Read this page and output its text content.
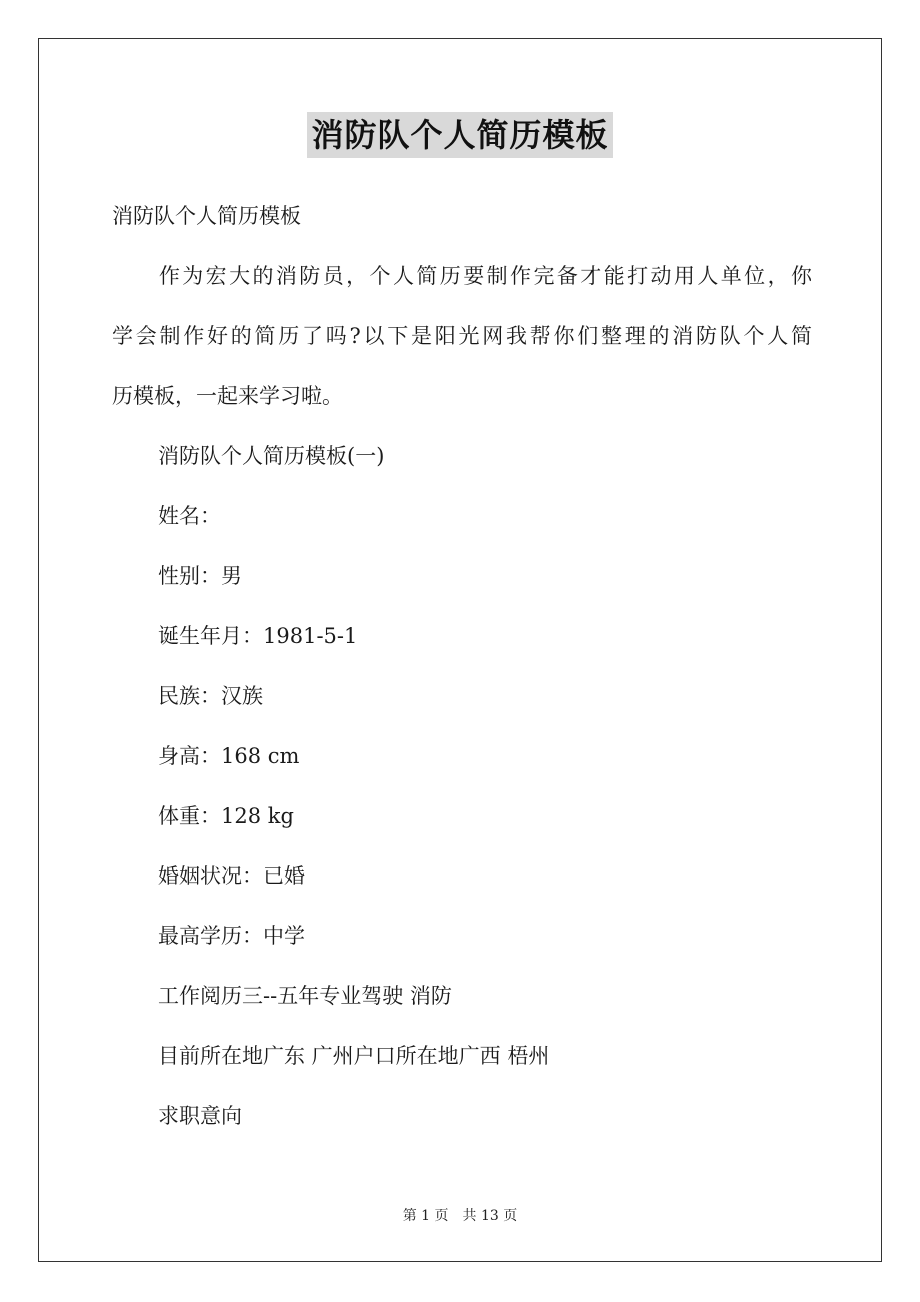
消防队个人简历模板
消防队个人简历模板
　　作为宏大的消防员，个人简历要制作完备才能打动用人单位，你
学会制作好的简历了吗?以下是阳光网我帮你们整理的消防队个人简
历模板，一起来学习啦。
消防队个人简历模板(一)
姓名：
性别：男
诞生年月：1981-5-1
民族：汉族
身高：168 cm
体重：128 kg
婚姻状况：已婚
最高学历：中学
工作阅历三--五年专业驾驶 消防
目前所在地广东 广州户口所在地广西 梧州
求职意向
第 1 页 共 13 页
